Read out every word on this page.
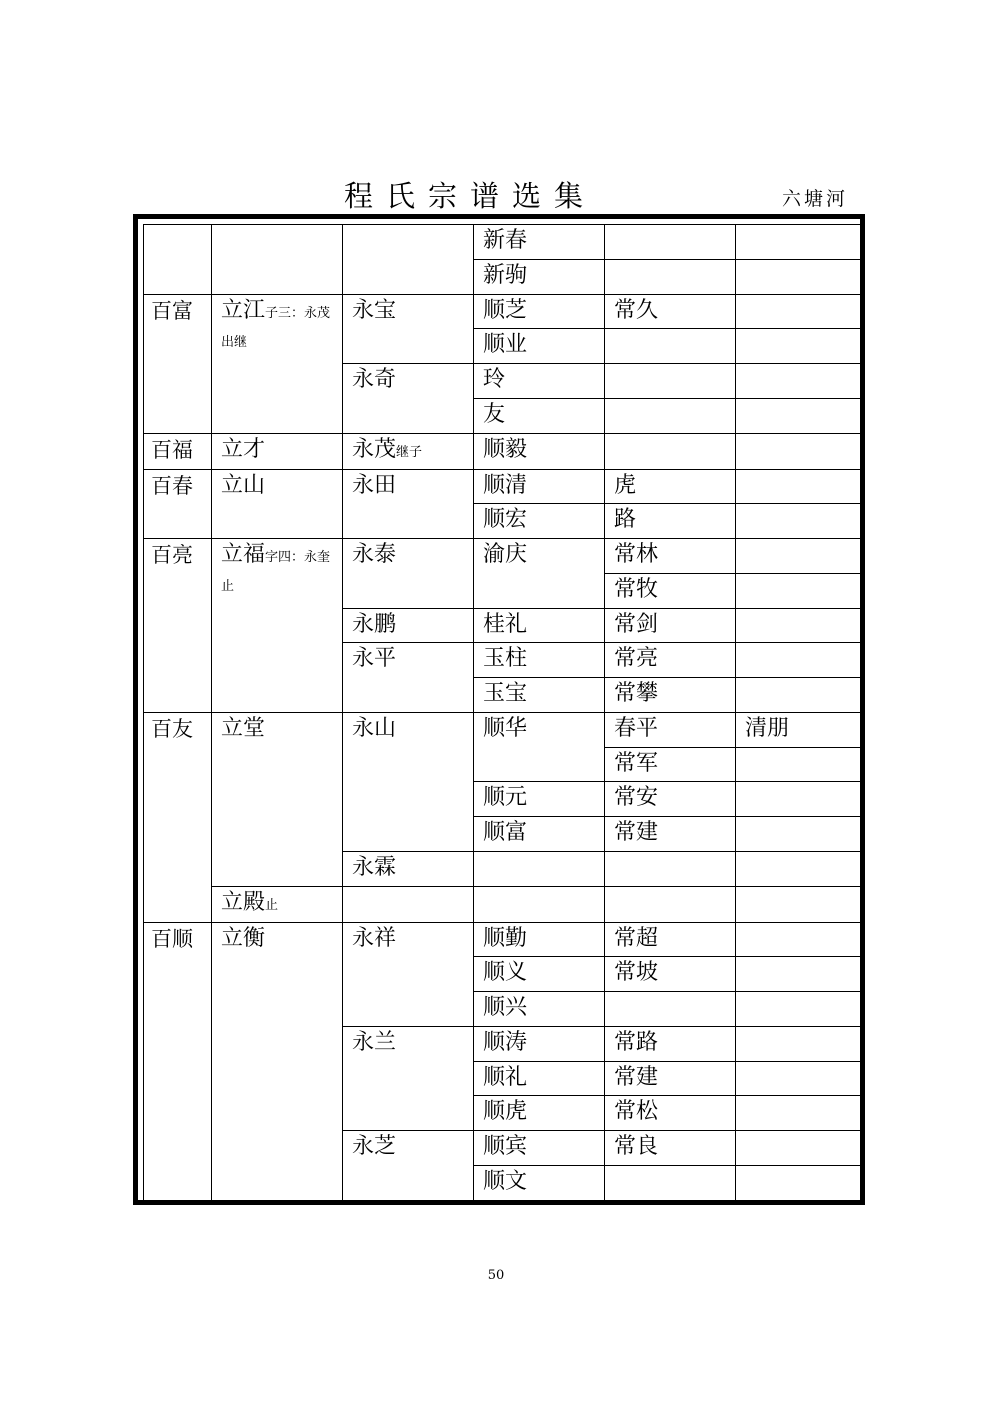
程氏宗谱选集	六塘河
			新春		
			新驹		
百富	立江子三：永茂出继	永宝	顺芝	常久	
			顺业		
		永奇	玲		
			友		
百福	立才	永茂继子	顺毅		
百春	立山	永田	顺清	虎	
			顺宏	路	
百亮	立福字四：永奎止	永泰	渝庆	常林	
				常牧	
		永鹏	桂礼	常剑	
		永平	玉柱	常亮	
			玉宝	常攀	
百友	立堂	永山	顺华	春平	清朋
				常军	
			顺元	常安	
			顺富	常建	
		永霖			
	立殿止				
百顺	立衡	永祥	顺勤	常超	
			顺义	常坡	
			顺兴		
		永兰	顺涛	常路	
			顺礼	常建	
			顺虎	常松	
		永芝	顺宾	常良	
			顺文		
50
